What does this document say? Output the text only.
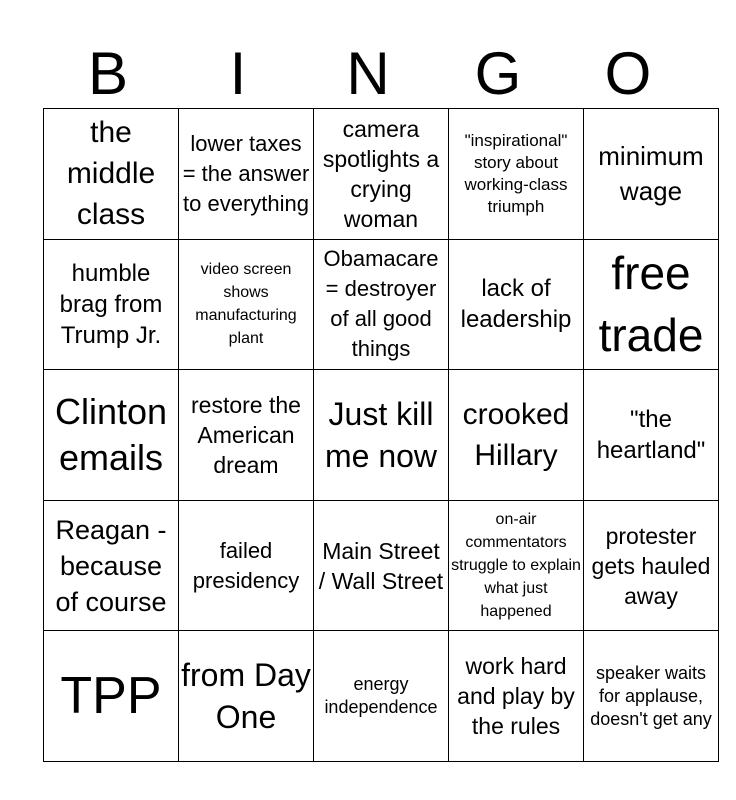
B	I	N	G	O
the middle class	lower taxes = the answer to everything	camera spotlights a crying woman	"inspirational" story about working-class triumph	minimum wage

humble brag from Trump Jr.	video screen shows manufacturing plant	Obamacare = destroyer of all good things	lack of leadership	free trade

Clinton emails	restore the American dream	Just kill me now	crooked Hillary	"the heartland"

Reagan - because of course	failed presidency	Main Street / Wall Street	on-air commentators struggle to explain what just happened	protester gets hauled away

TPP	from Day One	energy independence	work hard and play by the rules	speaker waits for applause, doesn't get any
